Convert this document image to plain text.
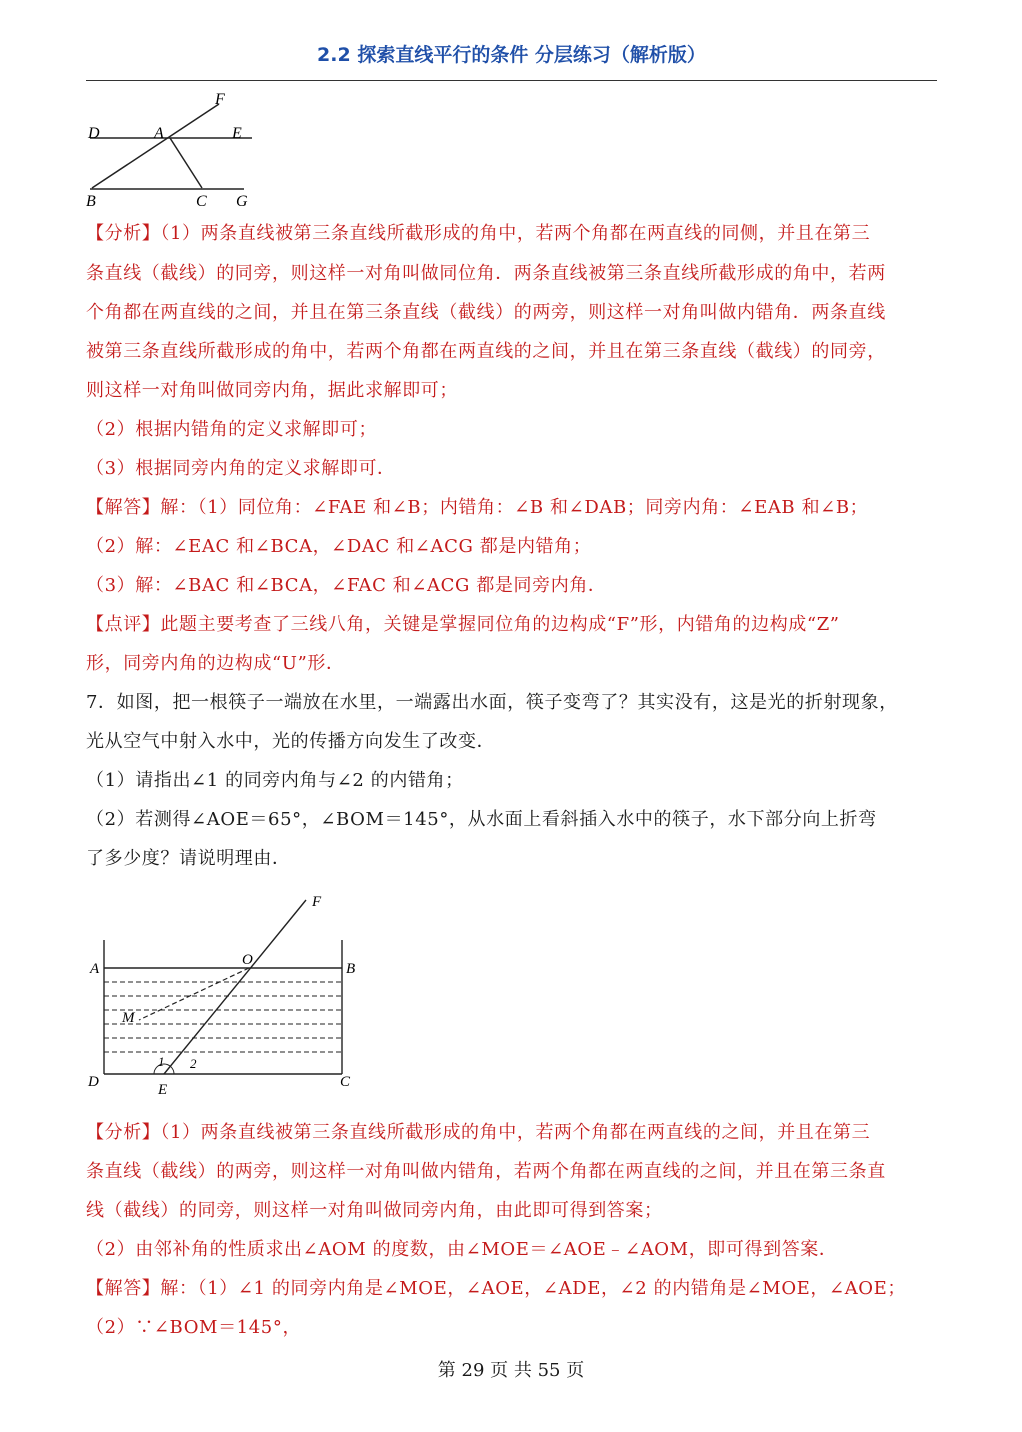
2.2 探索直线平行的条件 分层练习（解析版）
F
D	A	E
B	C G
【分析】（1）两条直线被第三条直线所截形成的角中，若两个角都在两直线的同侧，并且在第三
条直线（截线）的同旁，则这样一对角叫做同位角．两条直线被第三条直线所截形成的角中，若两
个角都在两直线的之间，并且在第三条直线（截线）的两旁，则这样一对角叫做内错角．两条直线
被第三条直线所截形成的角中，若两个角都在两直线的之间，并且在第三条直线（截线）的同旁，
则这样一对角叫做同旁内角，据此求解即可；
（2）根据内错角的定义求解即可；
（3）根据同旁内角的定义求解即可．
【解答】解：（1）同位角：∠FAE 和∠B；内错角：∠B 和∠DAB；同旁内角：∠EAB 和∠B；
（2）解：∠EAC 和∠BCA，∠DAC 和∠ACG 都是内错角；
（3）解：∠BAC 和∠BCA，∠FAC 和∠ACG 都是同旁内角．
【点评】此题主要考查了三线八角，关键是掌握同位角的边构成“F”形，内错角的边构成“Z”
形，同旁内角的边构成“U”形．
7．如图，把一根筷子一端放在水里，一端露出水面，筷子变弯了？其实没有，这是光的折射现象，
光从空气中射入水中，光的传播方向发生了改变．
（1）请指出∠1 的同旁内角与∠2 的内错角；
（2）若测得∠AOE＝65°，∠BOM＝145°，从水面上看斜插入水中的筷子，水下部分向上折弯
了多少度？请说明理由．
F
A
O
B
M
1 2
D	E	C
【分析】（1）两条直线被第三条直线所截形成的角中，若两个角都在两直线的之间，并且在第三
条直线（截线）的两旁，则这样一对角叫做内错角，若两个角都在两直线的之间，并且在第三条直
线（截线）的同旁，则这样一对角叫做同旁内角，由此即可得到答案；
（2）由邻补角的性质求出∠AOM 的度数，由∠MOE＝∠AOE﹣∠AOM，即可得到答案．
【解答】解：（1）∠1 的同旁内角是∠MOE，∠AOE，∠ADE，∠2 的内错角是∠MOE，∠AOE；
（2）∵∠BOM＝145°，
第 29 页 共 55 页
